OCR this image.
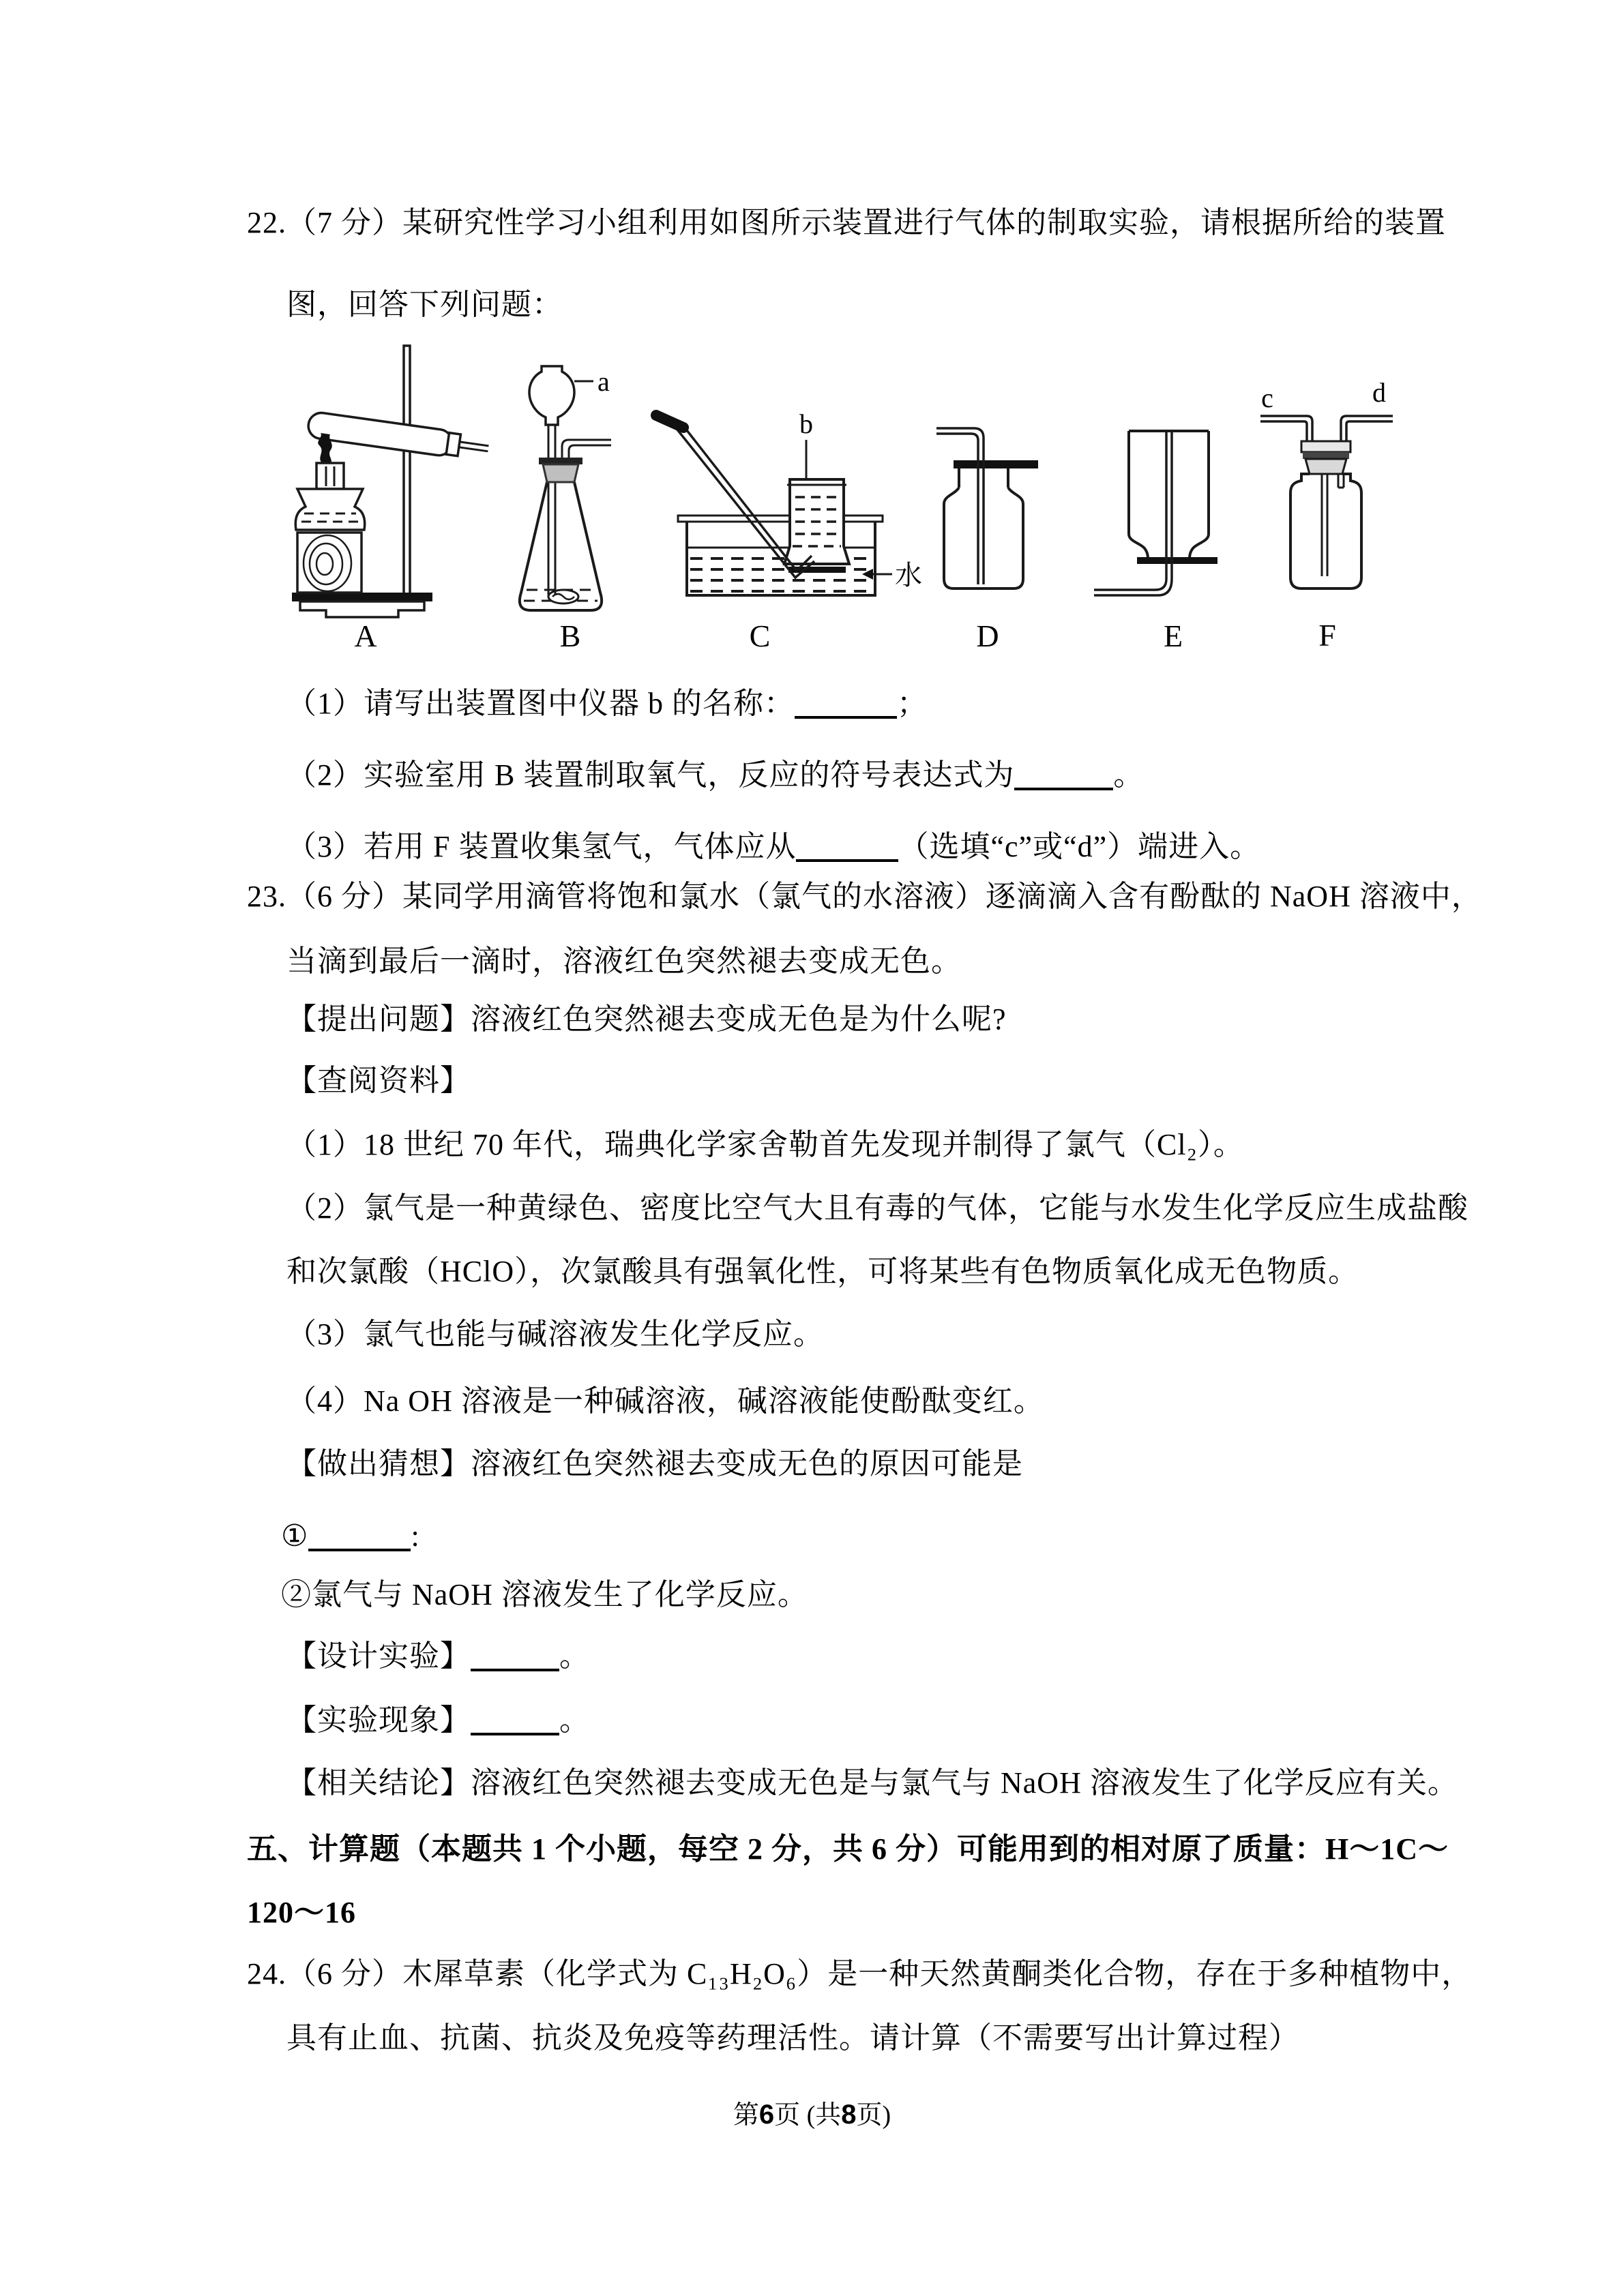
22.（7 分）某研究性学习小组利用如图所示装置进行气体的制取实验，请根据所给的装置
图，回答下列问题：
A
a
B
b
水
C	D	E
c	d
F
（1）请写出装置图中仪器 b 的名称：	；
（2）实验室用 B 装置制取氧气，反应的符号表达式为	。
（3）若用 F 装置收集氢气，气体应从	（选填“c”或“d”）端进入。
23.（6 分）某同学用滴管将饱和氯水（氯气的水溶液）逐滴滴入含有酚酞的 NaOH 溶液中，
当滴到最后一滴时，溶液红色突然褪去变成无色。
【提出问题】溶液红色突然褪去变成无色是为什么呢?
【查阅资料】
（1）18 世纪 70 年代，瑞典化学家舍勒首先发现并制得了氯气（Cl₂）。
（2）氯气是一种黄绿色、密度比空气大且有毒的气体，它能与水发生化学反应生成盐酸
和次氯酸（HClO），次氯酸具有强氧化性，可将某些有色物质氧化成无色物质。
（3）氯气也能与碱溶液发生化学反应。
（4）Na OH 溶液是一种碱溶液，碱溶液能使酚酞变红。
【做出猜想】溶液红色突然褪去变成无色的原因可能是
①	:
②氯气与 NaOH 溶液发生了化学反应。
【设计实验】	。
【实验现象】	。
【相关结论】溶液红色突然褪去变成无色是与氯气与 NaOH 溶液发生了化学反应有关。
五、计算题（本题共 1 个小题，每空 2 分，共 6 分）可能用到的相对原了质量：H～1C～
120～16
24.（6 分）木犀草素（化学式为 C₁₃H₂O₆）是一种天然黄酮类化合物，存在于多种植物中，
具有止血、抗菌、抗炎及免疫等药理活性。请计算（不需要写出计算过程）
第6页 (共8页)
